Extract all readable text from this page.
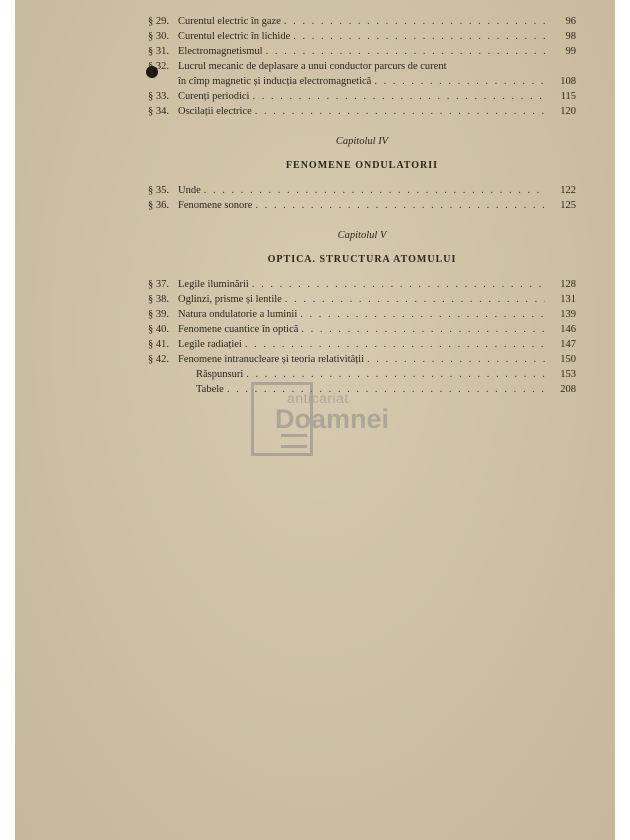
§ 29. Curentul electric în gaze . . .	96
§ 30. Curentul electric în lichide . . .	98
§ 31. Electromagnetismul . . .	99
§ 32. Lucrul mecanic de deplasare a unui conductor parcurs de curent
în cîmp magnetic și inducția electromagnetică . . .	108
§ 33. Curenți periodici . . .	115
§ 34. Oscilații electrice . . .	120
Capitolul IV
FENOMENE ONDULATORII
§ 35. Unde . . .	122
§ 36. Fenomene sonore . . .	125
Capitolul V
OPTICA. STRUCTURA ATOMULUI
§ 37. Legile iluminării . . .	128
§ 38. Oglinzi, prisme și lentile . . .	131
§ 39. Natura ondulatorie a luminii . . .	139
§ 40. Fenomene cuantice în optică . . .	146
§ 41. Legile radiației . . .	147
§ 42. Fenomene intranucleare și teoria relativității . . .	150
Răspunsuri . . .	153
Tabele . . .	208
anticariat
Doamnei
